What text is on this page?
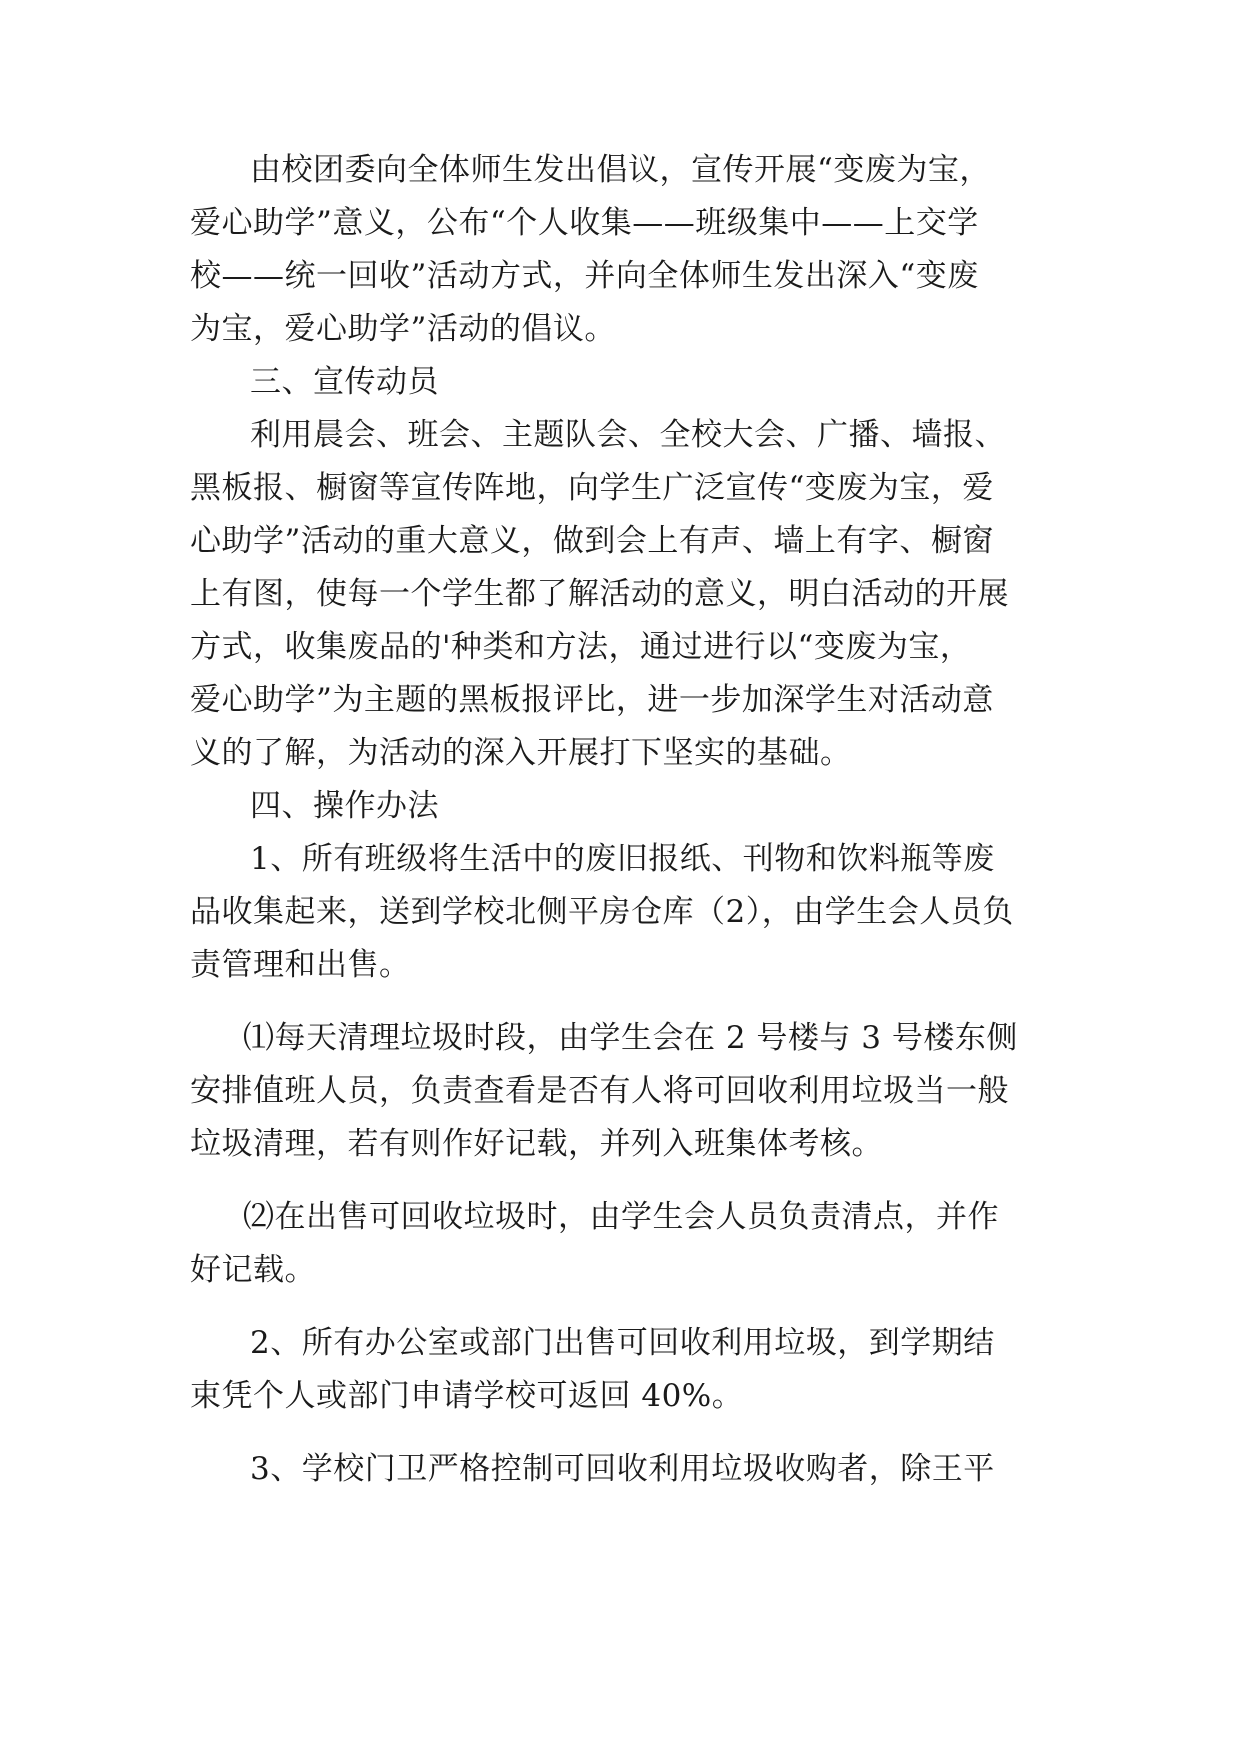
由校团委向全体师生发出倡议，宣传开展“变废为宝，
爱心助学”意义，公布“个人收集——班级集中——上交学
校——统一回收”活动方式，并向全体师生发出深入“变废
为宝，爱心助学”活动的倡议。
三、宣传动员
利用晨会、班会、主题队会、全校大会、广播、墙报、
黑板报、橱窗等宣传阵地，向学生广泛宣传“变废为宝，爱
心助学”活动的重大意义，做到会上有声、墙上有字、橱窗
上有图，使每一个学生都了解活动的意义，明白活动的开展
方式，收集废品的'种类和方法，通过进行以“变废为宝，
爱心助学”为主题的黑板报评比，进一步加深学生对活动意
义的了解，为活动的深入开展打下坚实的基础。
四、操作办法
1、所有班级将生活中的废旧报纸、刊物和饮料瓶等废
品收集起来，送到学校北侧平房仓库（2），由学生会人员负
责管理和出售。
⑴每天清理垃圾时段，由学生会在 2 号楼与 3 号楼东侧
安排值班人员，负责查看是否有人将可回收利用垃圾当一般
垃圾清理，若有则作好记载，并列入班集体考核。
⑵在出售可回收垃圾时，由学生会人员负责清点，并作
好记载。
2、所有办公室或部门出售可回收利用垃圾，到学期结
束凭个人或部门申请学校可返回 40%。
3、学校门卫严格控制可回收利用垃圾收购者，除王平
